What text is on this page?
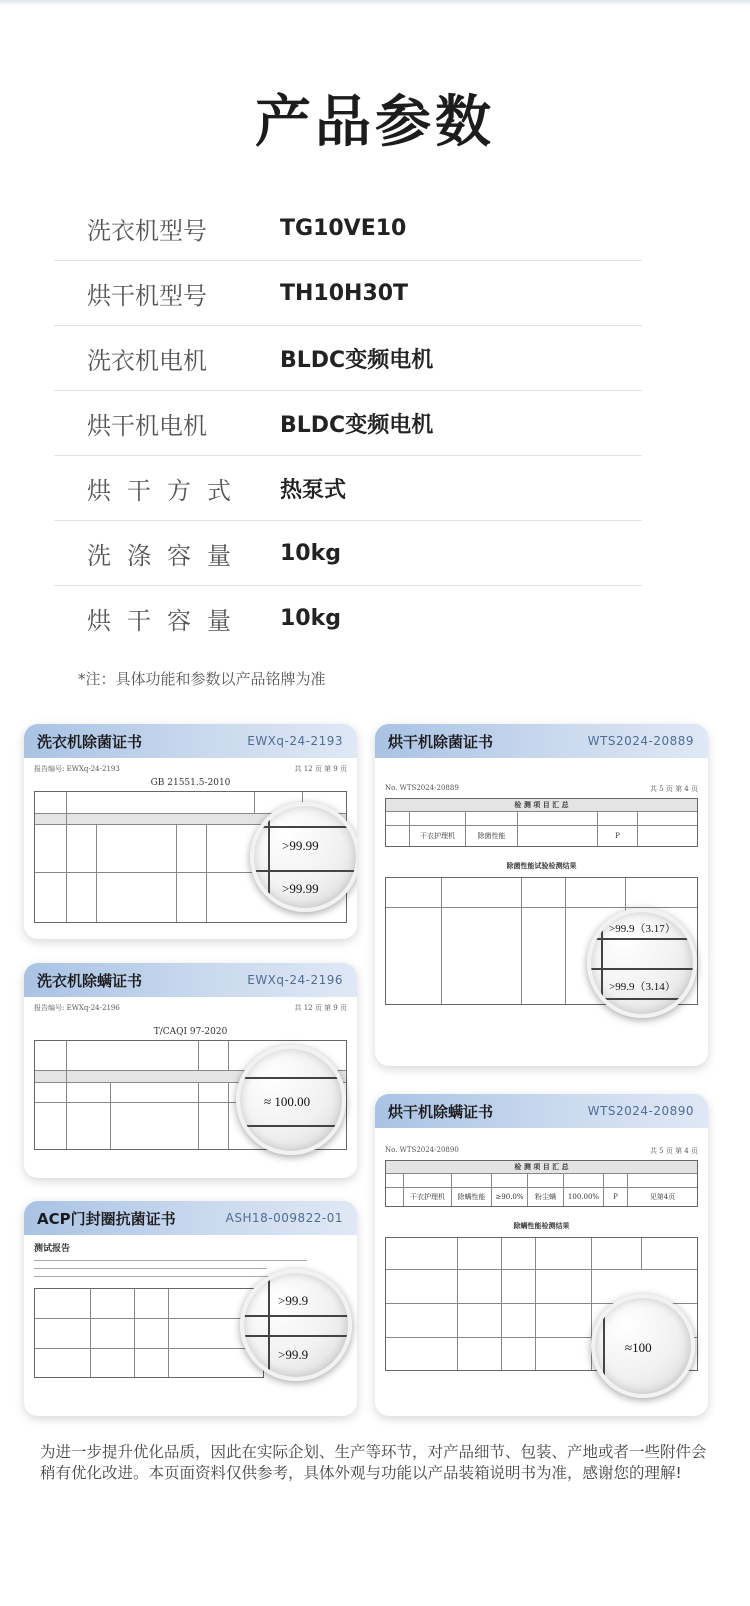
产品参数
洗衣机型号	TG10VE10
烘干机型号	TH10H30T
洗衣机电机	BLDC变频电机
烘干机电机	BLDC变频电机
烘干方式	热泵式
洗涤容量	10kg
烘干容量	10kg
*注：具体功能和参数以产品铭牌为准
洗衣机除菌证书	EWXq-24-2193
报告编号: EWXq-24-2193	共 12 页 第 9 页
GB 21551.5-2010
>99.99
>99.99
洗衣机除螨证书	EWXq-24-2196
报告编号: EWXq-24-2196	共 12 页 第 9 页
T/CAQI 97-2020
≈ 100.00
ACP门封圈抗菌证书	ASH18-009822-01
测试报告
>99.9
>99.9
烘干机除菌证书	WTS2024-20889
No. WTS2024-20889	共 5 页 第 4 页
检 测 项 目 汇 总
干衣护理机	除菌性能	P
除菌性能试验检测结果
>99.9（3.17）
>99.9（3.14）
烘干机除螨证书	WTS2024-20890
No. WTS2024-20890	共 5 页 第 4 页
检 测 项 目 汇 总
干衣护理机	除螨性能	≥90.0%	粉尘螨	100.00%	P	见第4页
除螨性能检测结果
≈100

为进一步提升优化品质，因此在实际企划、生产等环节，对产品细节、包装、产地或者一些附件会稍有优化改进。本页面资料仅供参考，具体外观与功能以产品装箱说明书为准，感谢您的理解!
